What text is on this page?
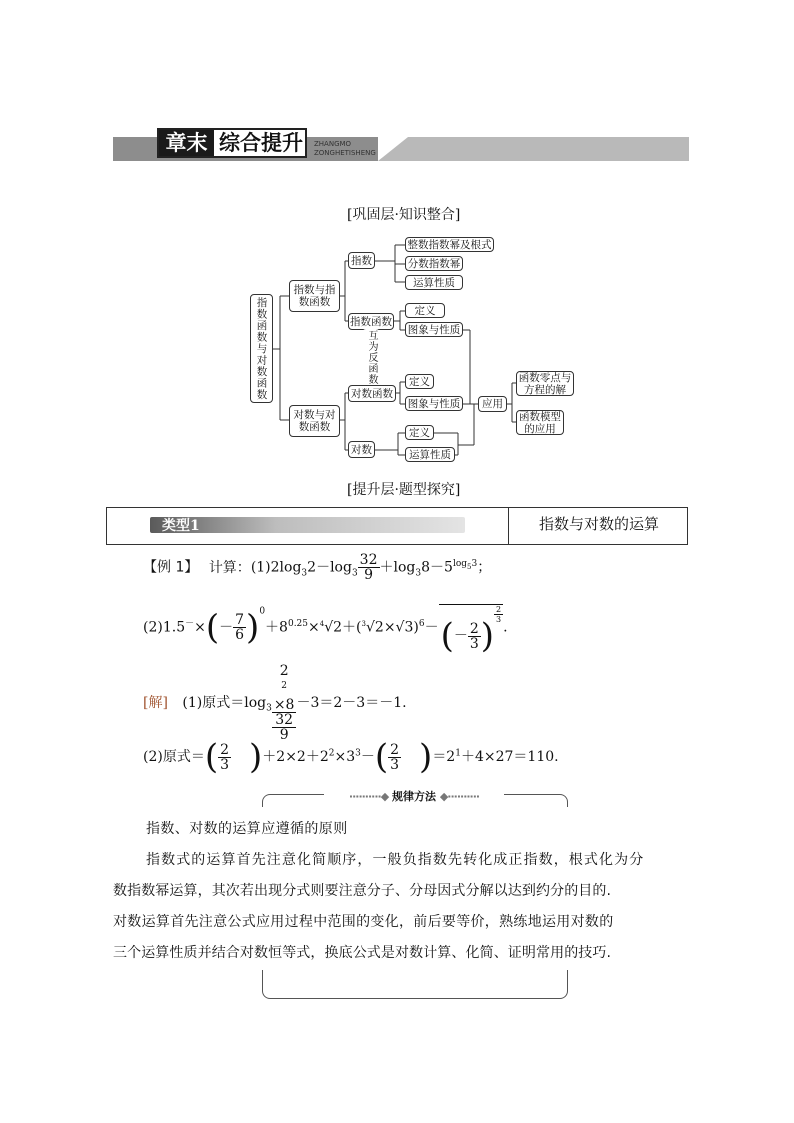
章末 综合提升	ZHANGMO
ZONGHETISHENG
[巩固层·知识整合]
指数函数与对数函数
指数与指数函数
对数与对数函数
指数
指数函数
对数函数
对数
整数指数幂及根式
分数指数幂
运算性质
定义
图象与性质
互为反函数	定义
图象与性质
定义
运算性质
应用
函数零点与方程的解
函数模型的应用
[提升层·题型探究]
类型1	指数与对数的运算
【例 1】 计算：$(1)2\log_32-\log_3 \frac{32}{9} +\log_38-5^{log_53}$；
$(2)1.5^-\times(- \frac{7}{6} )^0+8^{0.25}\times^4√2+(^3√2\times√3)^6-(- \frac{2}{3}$ )
$\frac{2}{3}$
.
[解] (1)原式$=\log_3$ 2
$^2$
×8
32
9 －3＝2－3＝－1.
(2)原式＝( $\frac{2}{3} )+2\times 2+2^2\times 3^3-( \frac{2}{3} )=2^1+4\times 27=110$.
··········◆ 规律方法 ◆··········
指数、对数的运算应遵循的原则
指数式的运算首先注意化简顺序，一般负指数先转化成正指数，根式化为分
数指数幂运算，其次若出现分式则要注意分子、分母因式分解以达到约分的目的.
对数运算首先注意公式应用过程中范围的变化，前后要等价，熟练地运用对数的
三个运算性质并结合对数恒等式，换底公式是对数计算、化简、证明常用的技巧.
